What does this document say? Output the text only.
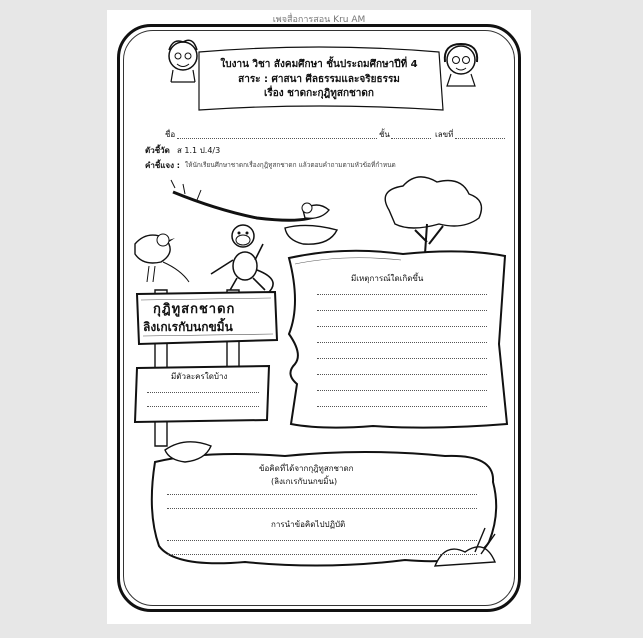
เพจสื่อการสอน Kru AM
ใบงาน วิชา สังคมศึกษา ชั้นประถมศึกษาปีที่ 4
สาระ : ศาสนา ศีลธรรมและจริยธรรม
เรื่อง ชาดกะกุฎิทูสกชาดก
ชื่อ	ชั้น	เลขที่
ตัวชี้วัด ส 1.1 ป.4/3
คำชี้แจง : ให้นักเรียนศึกษาชาดกเรื่องกุฎิทูสกชาดก แล้วตอบคำถามตามหัวข้อที่กำหนด
กุฎิทูสกชาดก
ลิงเกเรกับนกขมิ้น
มีตัวละครใดบ้าง
มีเหตุการณ์ใดเกิดขึ้น
ข้อคิดที่ได้จากกุฎิทูสกชาดก
(ลิงเกเรกับนกขมิ้น)
การนำข้อคิดไปปฏิบัติ
